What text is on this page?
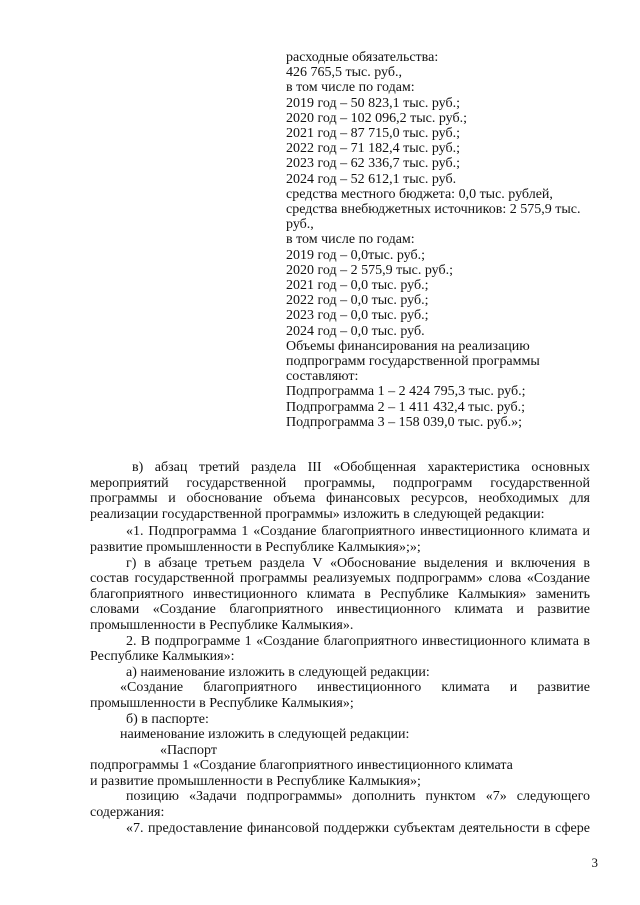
расходные обязательства:
426 765,5 тыс. руб.,
в том числе по годам:
2019 год – 50 823,1 тыс. руб.;
2020 год – 102 096,2 тыс. руб.;
2021 год – 87 715,0 тыс. руб.;
2022 год – 71 182,4 тыс. руб.;
2023 год – 62 336,7 тыс. руб.;
2024 год – 52 612,1 тыс. руб.
средства местного бюджета: 0,0 тыс. рублей,
средства внебюджетных источников: 2 575,9 тыс. руб.,
в том числе по годам:
2019 год – 0,0тыс. руб.;
2020 год – 2 575,9 тыс. руб.;
2021 год – 0,0 тыс. руб.;
2022 год – 0,0 тыс. руб.;
2023 год – 0,0 тыс. руб.;
2024 год – 0,0 тыс. руб.
Объемы финансирования на реализацию
подпрограмм государственной программы
составляют:
Подпрограмма 1 – 2 424 795,3 тыс. руб.;
Подпрограмма 2 – 1 411 432,4 тыс. руб.;
Подпрограмма 3 – 158 039,0 тыс. руб.»;

в) абзац третий раздела III «Обобщенная характеристика основных

мероприятий государственной программы, подпрограмм государственной программы и обоснование объема финансовых ресурсов, необходимых для реализации государственной программы» изложить в следующей редакции:

«1. Подпрограмма 1 «Создание благоприятного инвестиционного климата и развитие промышленности в Республике Калмыкия»;»;

г) в абзаце третьем раздела V «Обоснование выделения и включения в состав государственной программы реализуемых подпрограмм» слова «Создание благоприятного инвестиционного климата в Республике Калмыкия» заменить словами «Создание благоприятного инвестиционного климата и развитие промышленности в Республике Калмыкия».

2. В подпрограмме 1 «Создание благоприятного инвестиционного климата в Республике Калмыкия»:

а) наименование изложить в следующей редакции:

«Создание благоприятного инвестиционного климата и развитие

промышленности в Республике Калмыкия»;

б) в паспорте:

наименование изложить в следующей редакции:

«Паспорт

подпрограммы 1 «Создание благоприятного инвестиционного климата

и развитие промышленности в Республике Калмыкия»;

позицию «Задачи подпрограммы» дополнить пунктом «7» следующего содержания:

«7. предоставление финансовой поддержки субъектам деятельности в сфере

3
